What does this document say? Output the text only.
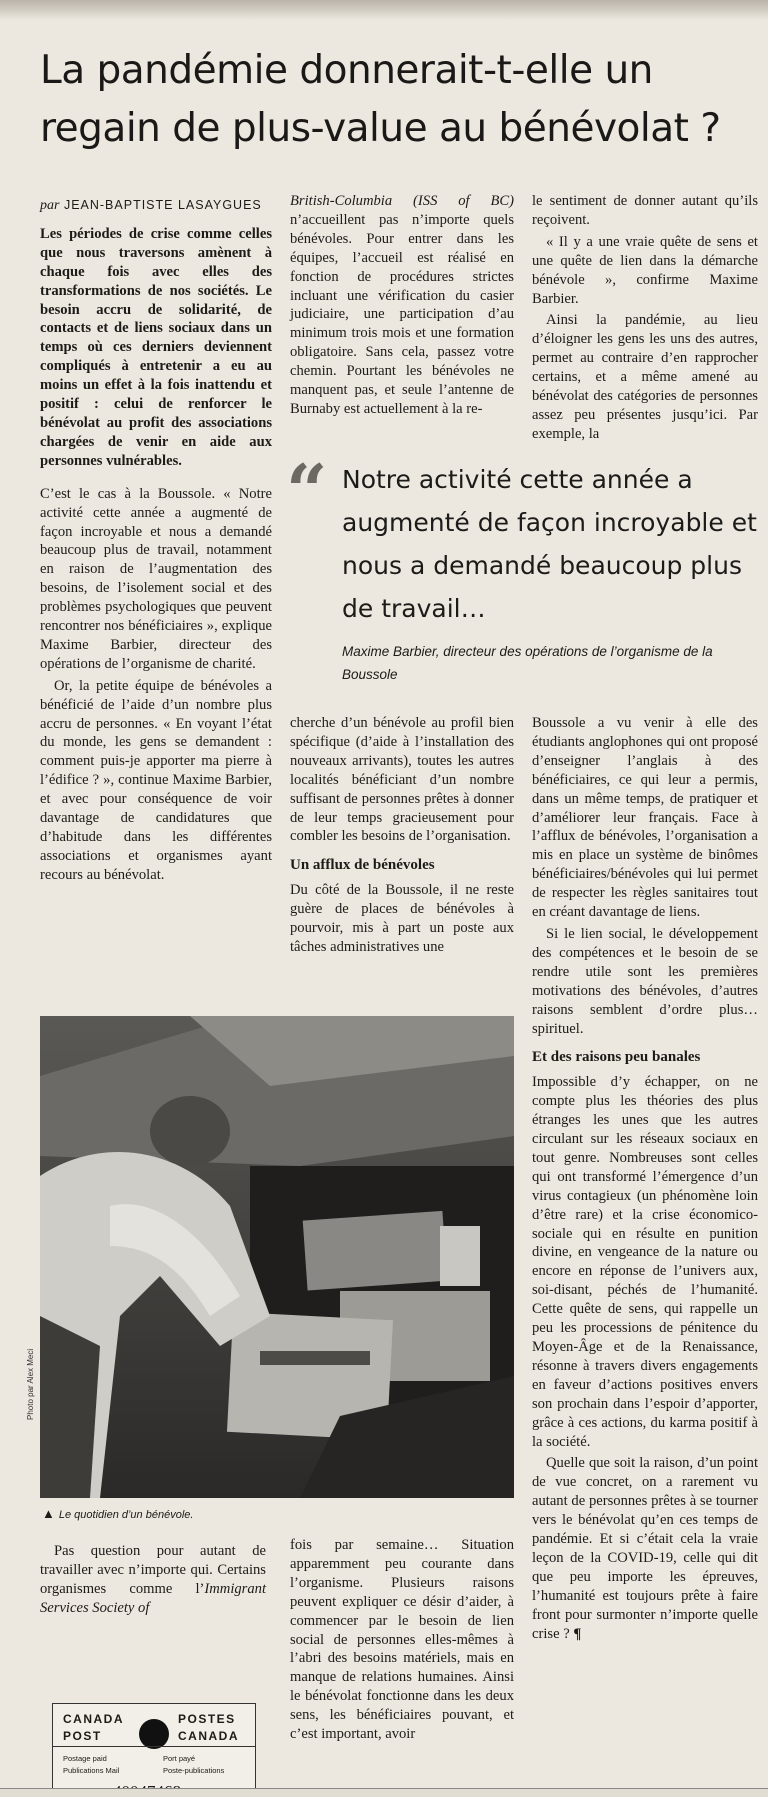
La pandémie donnerait-t-elle un regain de plus-value au bénévolat ?
par JEAN-BAPTISTE LASAYGUES

Les périodes de crise comme celles que nous traversons amènent à chaque fois avec elles des transformations de nos sociétés. Le besoin accru de solidarité, de contacts et de liens sociaux dans un temps où ces derniers deviennent compliqués à entretenir a eu au moins un effet à la fois inattendu et positif : celui de renforcer le bénévolat au profit des associations chargées de venir en aide aux personnes vulnérables.

C’est le cas à la Boussole. « Notre activité cette année a augmenté de façon incroyable et nous a demandé beaucoup plus de travail, notamment en raison de l’augmentation des besoins, de l’isolement social et des problèmes psychologiques que peuvent rencontrer nos bénéficiaires », explique Maxime Barbier, directeur des opérations de l’organisme de charité.

Or, la petite équipe de bénévoles a bénéficié de l’aide d’un nombre plus accru de personnes. « En voyant l’état du monde, les gens se demandent : comment puis-je apporter ma pierre à l’édifice ? », continue Maxime Barbier, et avec pour conséquence de voir davantage de candidatures que d’habitude dans les différentes associations et organismes ayant recours au bénévolat.

British-Columbia (ISS of BC) n’accueillent pas n’importe quels bénévoles. Pour entrer dans les équipes, l’accueil est réalisé en fonction de procédures strictes incluant une vérification du casier judiciaire, une participation d’au minimum trois mois et une formation obligatoire. Sans cela, passez votre chemin. Pourtant les bénévoles ne manquent pas, et seule l’antenne de Burnaby est actuellement à la re-

le sentiment de donner autant qu’ils reçoivent.

« Il y a une vraie quête de sens et une quête de lien dans la démarche bénévole », confirme Maxime Barbier.

Ainsi la pandémie, au lieu d’éloigner les gens les uns des autres, permet au contraire d’en rapprocher certains, et a même amené au bénévolat des catégories de personnes assez peu présentes jusqu’ici. Par exemple, la

“ Notre activité cette année a augmenté de façon incroyable et nous a demandé beaucoup plus de travail…
Maxime Barbier, directeur des opérations de l’organisme de la Boussole

cherche d’un bénévole au profil bien spécifique (d’aide à l’installation des nouveaux arrivants), toutes les autres localités bénéficiant d’un nombre suffisant de personnes prêtes à donner de leur temps gracieusement pour combler les besoins de l’organisation.

Un afflux de bénévoles

Du côté de la Boussole, il ne reste guère de places de bénévoles à pourvoir, mis à part un poste aux tâches administratives une

Boussole a vu venir à elle des étudiants anglophones qui ont proposé d’enseigner l’anglais à des bénéficiaires, ce qui leur a permis, dans un même temps, de pratiquer et d’améliorer leur français. Face à l’afflux de bénévoles, l’organisation a mis en place un système de binômes bénéficiaires/bénévoles qui lui permet de respecter les règles sanitaires tout en créant davantage de liens.

Si le lien social, le développement des compétences et le besoin de se rendre utile sont les premières motivations des bénévoles, d’autres raisons semblent d’ordre plus… spirituel.

Et des raisons peu banales

Impossible d’y échapper, on ne compte plus les théories des plus étranges les unes que les autres circulant sur les réseaux sociaux en tout genre. Nombreuses sont celles qui ont transformé l’émergence d’un virus contagieux (un phénomène loin d’être rare) et la crise économico-sociale qui en résulte en punition divine, en vengeance de la nature ou encore en réponse de l’univers aux, soi-disant, péchés de l’humanité. Cette quête de sens, qui rappelle un peu les processions de pénitence du Moyen-Âge et de la Renaissance, résonne à travers divers engagements en faveur d’actions positives envers son prochain dans l’espoir d’apporter, grâce à ces actions, du karma positif à la société.

Quelle que soit la raison, d’un point de vue concret, on a rarement vu autant de personnes prêtes à se tourner vers le bénévolat qu’en ces temps de pandémie. Et si c’était cela la vraie leçon de la COVID-19, celle qui dit que peu importe les épreuves, l’humanité est toujours prête à faire front pour surmonter n’importe quelle crise ? ¶

Photo par Alex Meci
▲ Le quotidien d’un bénévole.

Pas question pour autant de travailler avec n’importe qui. Certains organismes comme l’Immigrant Services Society of

fois par semaine… Situation apparemment peu courante dans l’organisme. Plusieurs raisons peuvent expliquer ce désir d’aider, à commencer par le besoin de lien social de personnes elles-mêmes à l’abri des besoins matériels, mais en manque de relations humaines. Ainsi le bénévolat fonctionne dans les deux sens, les bénéficiaires pouvant, et c’est important, avoir

CANADA	POSTES
POST	CANADA
Postage paid	Port payé
Publications Mail	Poste-publications
